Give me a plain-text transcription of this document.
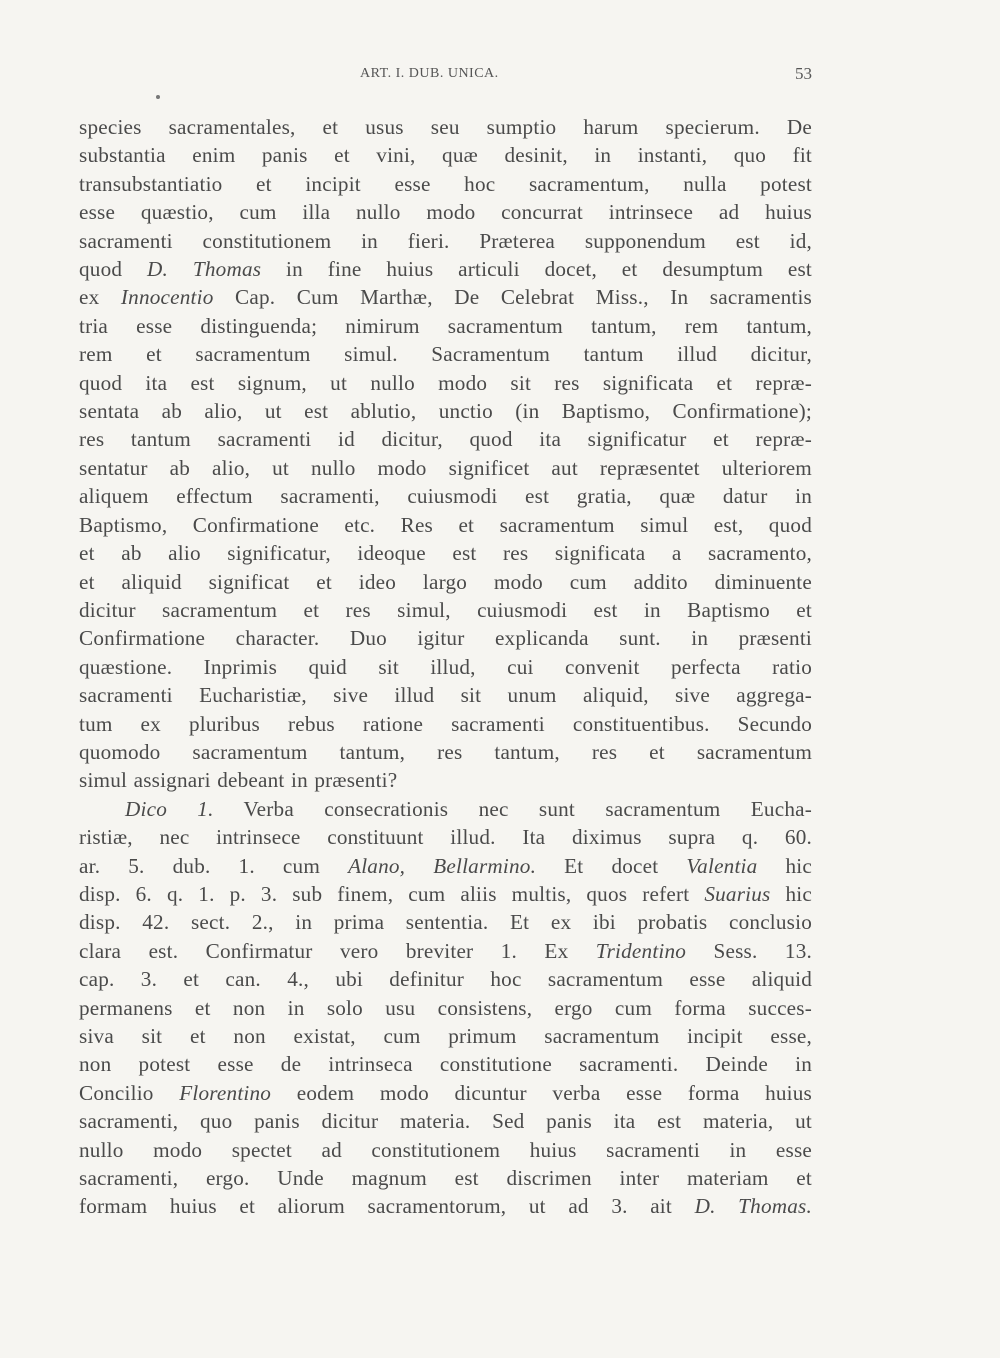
ART. I. DUB. UNICA.	53
species sacramentales, et usus seu sumptio harum specierum. De
substantia enim panis et vini, quæ desinit, in instanti, quo fit
transubstantiatio et incipit esse hoc sacramentum, nulla potest
esse quæstio, cum illa nullo modo concurrat intrinsece ad huius
sacramenti constitutionem in fieri. Præterea supponendum est id,
quod D. Thomas in fine huius articuli docet, et desumptum est
ex Innocentio Cap. Cum Marthæ, De Celebrat Miss., In sacramentis
tria esse distinguenda; nimirum sacramentum tantum, rem tantum,
rem et sacramentum simul. Sacramentum tantum illud dicitur,
quod ita est signum, ut nullo modo sit res significata et repræ-
sentata ab alio, ut est ablutio, unctio (in Baptismo, Confirmatione);
res tantum sacramenti id dicitur, quod ita significatur et repræ-
sentatur ab alio, ut nullo modo significet aut repræsentet ulteriorem
aliquem effectum sacramenti, cuiusmodi est gratia, quæ datur in
Baptismo, Confirmatione etc. Res et sacramentum simul est, quod
et ab alio significatur, ideoque est res significata a sacramento,
et aliquid significat et ideo largo modo cum addito diminuente
dicitur sacramentum et res simul, cuiusmodi est in Baptismo et
Confirmatione character. Duo igitur explicanda sunt. in præsenti
quæstione. Inprimis quid sit illud, cui convenit perfecta ratio
sacramenti Eucharistiæ, sive illud sit unum aliquid, sive aggrega-
tum ex pluribus rebus ratione sacramenti constituentibus. Secundo
quomodo sacramentum tantum, res tantum, res et sacramentum
simul assignari debeant in præsenti?
Dico 1. Verba consecrationis nec sunt sacramentum Eucha-
ristiæ, nec intrinsece constituunt illud. Ita diximus supra q. 60.
ar. 5. dub. 1. cum Alano, Bellarmino. Et docet Valentia hic
disp. 6. q. 1. p. 3. sub finem, cum aliis multis, quos refert Suarius hic
disp. 42. sect. 2., in prima sententia. Et ex ibi probatis conclusio
clara est. Confirmatur vero breviter 1. Ex Tridentino Sess. 13.
cap. 3. et can. 4., ubi definitur hoc sacramentum esse aliquid
permanens et non in solo usu consistens, ergo cum forma succes-
siva sit et non existat, cum primum sacramentum incipit esse,
non potest esse de intrinseca constitutione sacramenti. Deinde in
Concilio Florentino eodem modo dicuntur verba esse forma huius
sacramenti, quo panis dicitur materia. Sed panis ita est materia, ut
nullo modo spectet ad constitutionem huius sacramenti in esse
sacramenti, ergo. Unde magnum est discrimen inter materiam et
formam huius et aliorum sacramentorum, ut ad 3. ait D. Thomas.
